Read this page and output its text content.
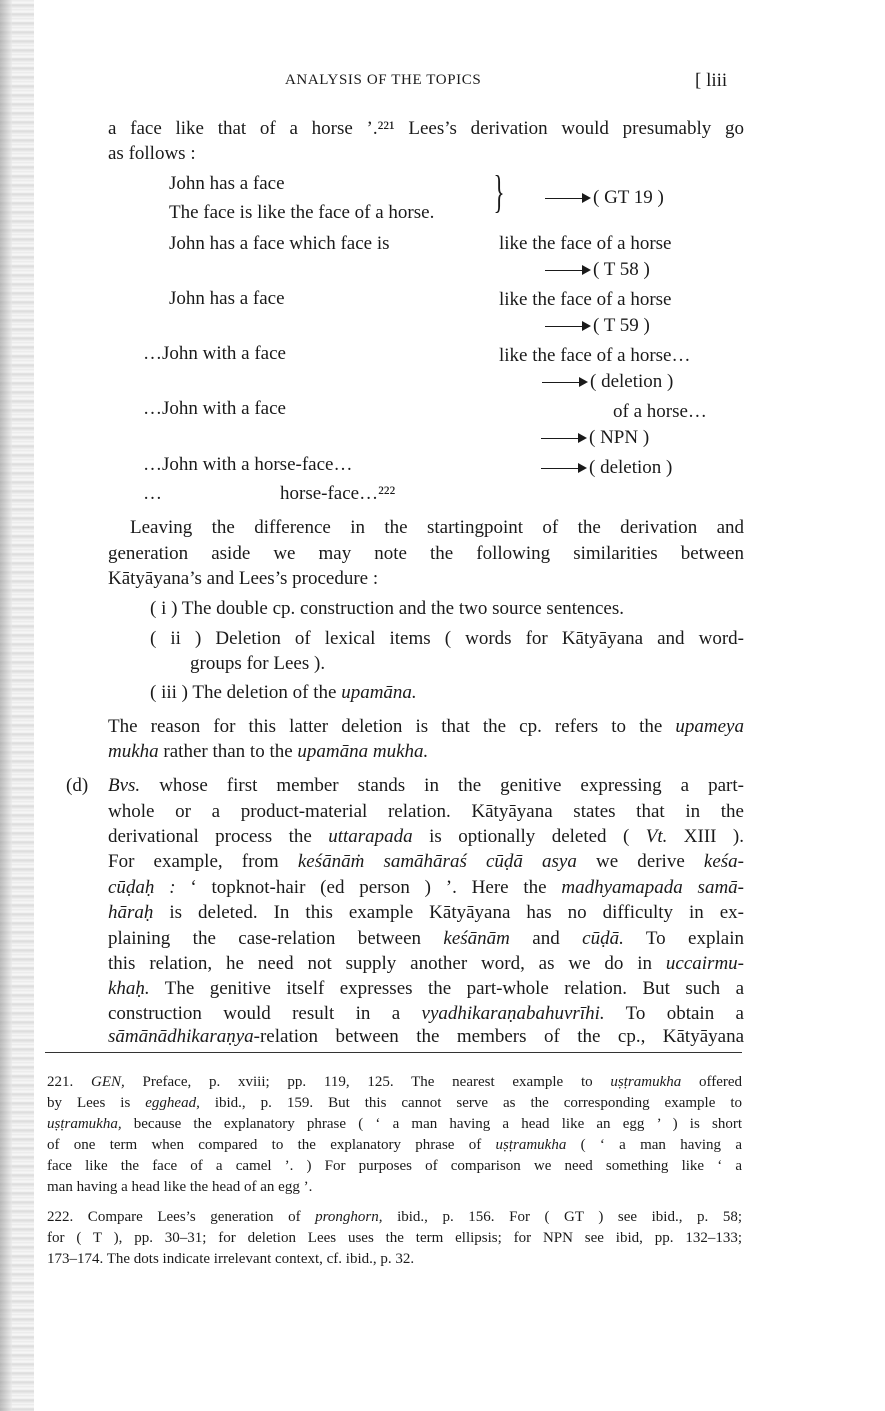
ANALYSIS OF THE TOPICS	[ liii
a face like that of a horse ’.²²¹ Lees’s derivation would presumably go
as follows :
John has a face
The face is like the face of a horse. }	( GT 19 )
John has a face which face is	like the face of a horse
( T 58 )
John has a face	like the face of a horse
( T 59 )
…John with a face	like the face of a horse…
( deletion )
…John with a face	of a horse…
( NPN )
…John with a horse-face…	( deletion )
…	horse-face…²²²
Leaving the difference in the startingpoint of the derivation and
generation aside we may note the following similarities between
Kātyāyana’s and Lees’s procedure :
( i ) The double cp. construction and the two source sentences.
( ii ) Deletion of lexical items ( words for Kātyāyana and word-
groups for Lees ).
( iii ) The deletion of the upamāna.
The reason for this latter deletion is that the cp. refers to the upameya
mukha rather than to the upamāna mukha.
(d) Bvs. whose first member stands in the genitive expressing a part-
whole or a product-material relation. Kātyāyana states that in the
derivational process the uttarapada is optionally deleted ( Vt. XIII ).
For example, from keśānāṁ samāhāraś cūḍā asya we derive keśa-
cūḍaḥ : ‘ topknot-hair (ed person ) ’. Here the madhyamapada samā-
hāraḥ is deleted. In this example Kātyāyana has no difficulty in ex-
plaining the case-relation between keśānām and cūḍā. To explain
this relation, he need not supply another word, as we do in uccairmu-
khaḥ. The genitive itself expresses the part-whole relation. But such a
construction would result in a vyadhikaraṇabahuvrīhi. To obtain a
sāmānādhikaraṇya-relation between the members of the cp., Kātyāyana
221. GEN, Preface, p. xviii; pp. 119, 125. The nearest example to uṣṭramukha offered
by Lees is egghead, ibid., p. 159. But this cannot serve as the corresponding example to
uṣṭramukha, because the explanatory phrase ( ‘ a man having a head like an egg ’ ) is short
of one term when compared to the explanatory phrase of uṣṭramukha ( ‘ a man having a
face like the face of a camel ’. ) For purposes of comparison we need something like ‘ a
man having a head like the head of an egg ’.
222. Compare Lees’s generation of pronghorn, ibid., p. 156. For ( GT ) see ibid., p. 58;
for ( T ), pp. 30–31; for deletion Lees uses the term ellipsis; for NPN see ibid, pp. 132–133;
173–174. The dots indicate irrelevant context, cf. ibid., p. 32.
